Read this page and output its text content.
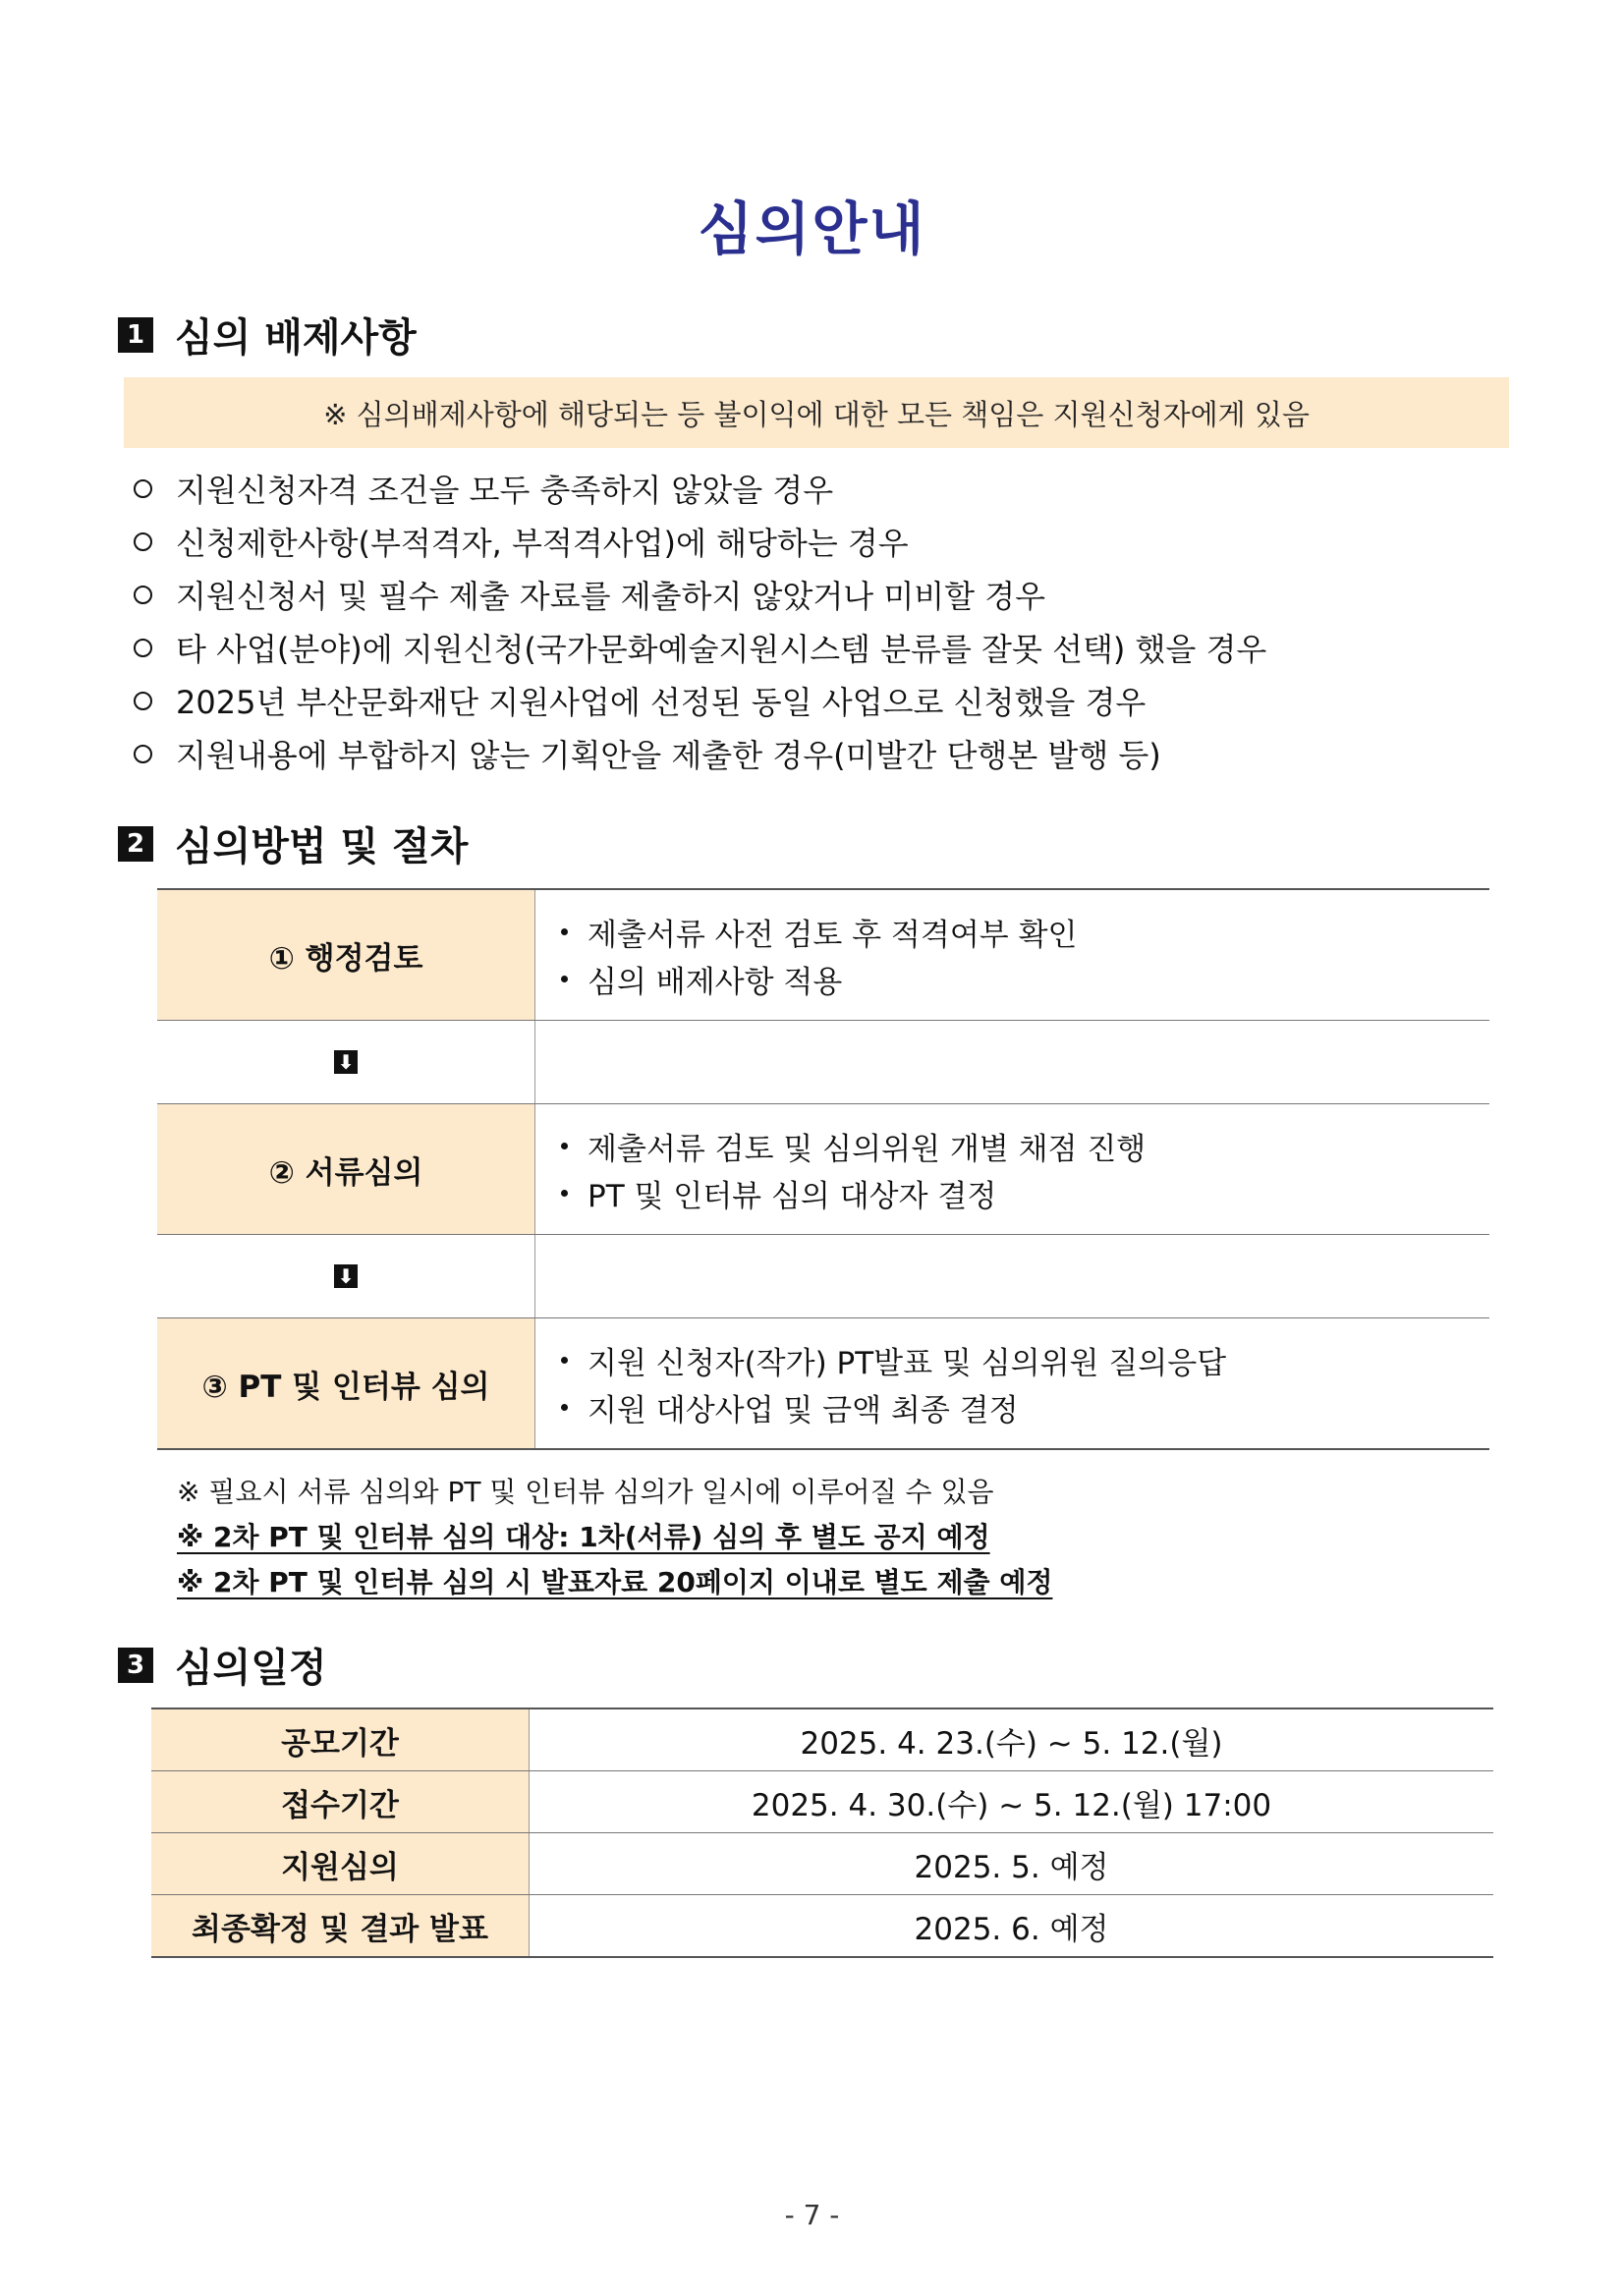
심의안내
1 심의 배제사항
※ 심의배제사항에 해당되는 등 불이익에 대한 모든 책임은 지원신청자에게 있음
지원신청자격 조건을 모두 충족하지 않았을 경우
신청제한사항(부적격자, 부적격사업)에 해당하는 경우
지원신청서 및 필수 제출 자료를 제출하지 않았거나 미비할 경우
타 사업(분야)에 지원신청(국가문화예술지원시스템 분류를 잘못 선택) 했을 경우
2025년 부산문화재단 지원사업에 선정된 동일 사업으로 신청했을 경우
지원내용에 부합하지 않는 기획안을 제출한 경우(미발간 단행본 발행 등)
2 심의방법 및 절차
① 행정검토	제출서류 사전 검토 후 적격여부 확인
심의 배제사항 적용

⬇	
② 서류심의	제출서류 검토 및 심의위원 개별 채점 진행
PT 및 인터뷰 심의 대상자 결정

⬇	
③ PT 및 인터뷰 심의	지원 신청자(작가) PT발표 및 심의위원 질의응답
지원 대상사업 및 금액 최종 결정
※ 필요시 서류 심의와 PT 및 인터뷰 심의가 일시에 이루어질 수 있음
※ 2차 PT 및 인터뷰 심의 대상: 1차(서류) 심의 후 별도 공지 예정
※ 2차 PT 및 인터뷰 심의 시 발표자료 20페이지 이내로 별도 제출 예정
3 심의일정
공모기간	2025. 4. 23.(수) ~ 5. 12.(월)
접수기간	2025. 4. 30.(수) ~ 5. 12.(월) 17:00
지원심의	2025. 5. 예정
최종확정 및 결과 발표	2025. 6. 예정
- 7 -
